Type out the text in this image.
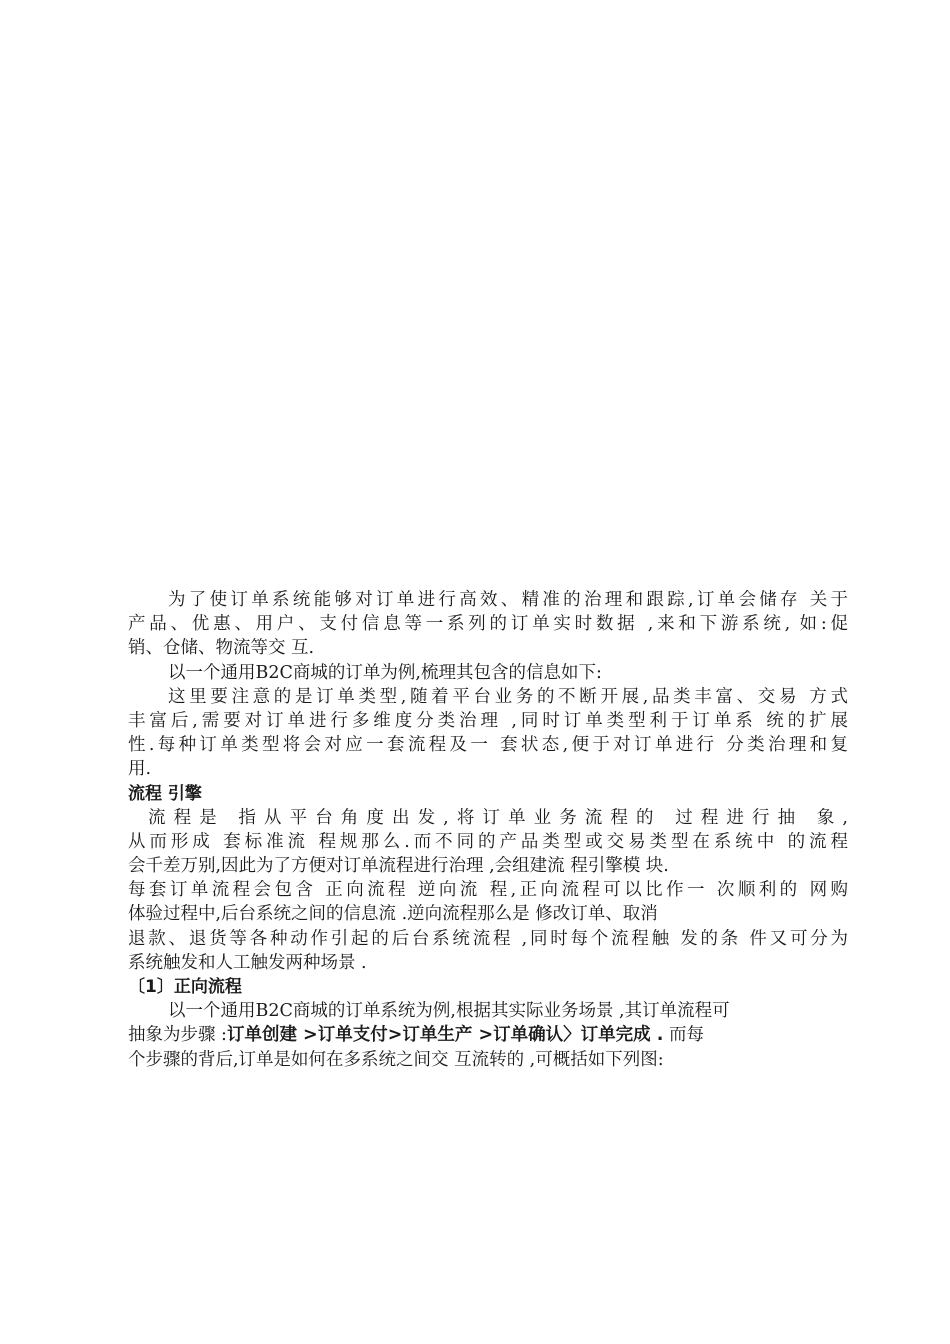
为了使订单系统能够对订单进行高效、精准的治理和跟踪,订单会储存 关于
产品、优惠、用户、支付信息等一系列的订单实时数据 ,来和下游系统, 如:促
销、仓储、物流等交 互.
以一个通用B2C商城的订单为例,梳理其包含的信息如下:
这里要注意的是订单类型,随着平台业务的不断开展,品类丰富、交易 方式
丰富后,需要对订单进行多维度分类治理 ,同时订单类型利于订单系 统的扩展
性.每种订单类型将会对应一套流程及一 套状态,便于对订单进行 分类治理和复
用.
流程 引擎
流程是 指从平台角度出发,将订单业务流程的 过程进行抽 象,
从而形成 套标准流 程规那么.而不同的产品类型或交易类型在系统中 的流程
会千差万别,因此为了方便对订单流程进行治理 ,会组建流 程引擎模 块.
每套订单流程会包含 正向流程 逆向流 程,正向流程可以比作一 次顺利的 网购
体验过程中,后台系统之间的信息流 .逆向流程那么是 修改订单、取消
退款、退货等各种动作引起的后台系统流程 ,同时每个流程触 发的条 件又可分为
系统触发和人工触发两种场景 .
〔1〕正向流程
以一个通用B2C商城的订单系统为例,根据其实际业务场景 ,其订单流程可
抽象为步骤 :订单创建 >订单支付>订单生产 >订单确认〉订单完成 . 而每
个步骤的背后,订单是如何在多系统之间交 互流转的 ,可概括如下列图:
